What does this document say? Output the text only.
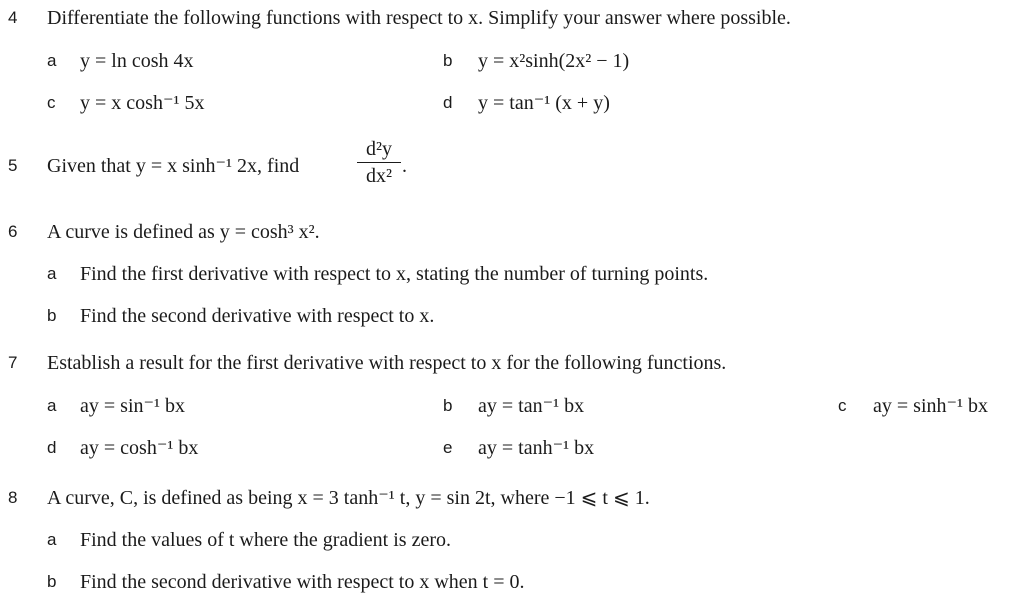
4 Differentiate the following functions with respect to x. Simplify your answer where possible.
a y = ln cosh 4x	b y = x²sinh(2x² − 1)
c y = x cosh⁻¹ 5x	d y = tan⁻¹ (x + y)
5 Given that y = x sinh⁻¹ 2x, find	$\frac{\text{d²y}}{\text{dx²}}$ .
6 A curve is defined as y = cosh³ x².
a Find the first derivative with respect to x, stating the number of turning points.
b Find the second derivative with respect to x.
7 Establish a result for the first derivative with respect to x for the following functions.
a ay = sin⁻¹ bx	b ay = tan⁻¹ bx	c ay = sinh⁻¹ bx
d ay = cosh⁻¹ bx	e ay = tanh⁻¹ bx
8 A curve, C, is defined as being x = 3 tanh⁻¹ t, y = sin 2t, where −1 ⩽ t ⩽ 1.
a Find the values of t where the gradient is zero.
b Find the second derivative with respect to x when t = 0.
